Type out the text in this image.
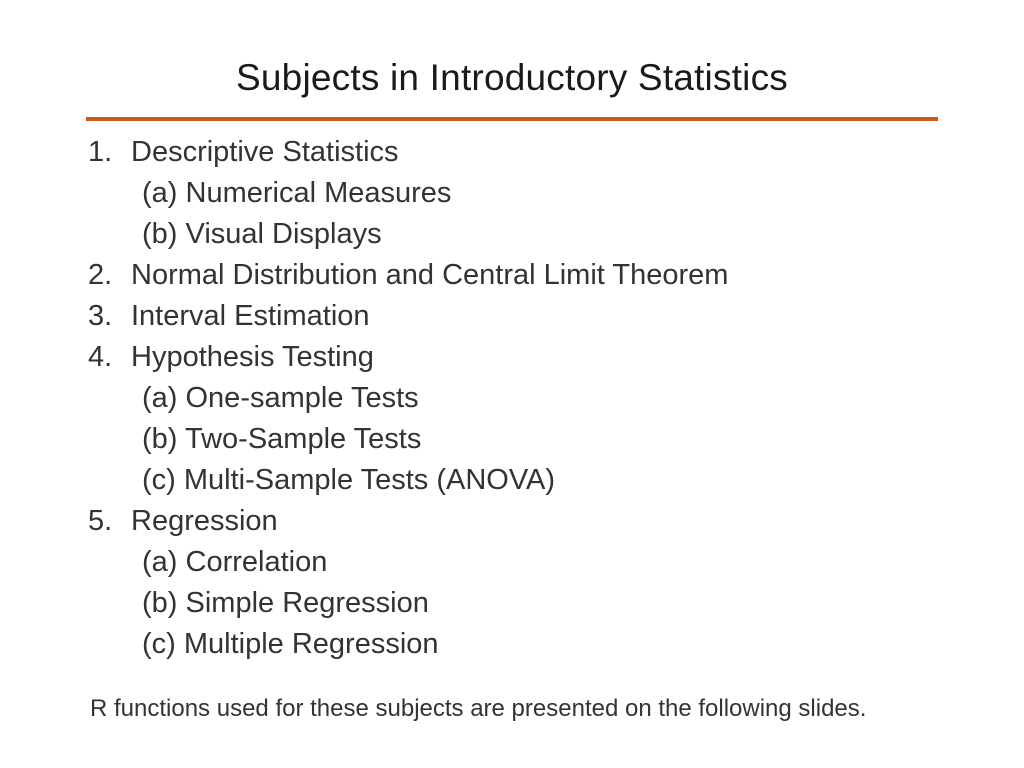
Subjects in Introductory Statistics
1. Descriptive Statistics
(a) Numerical Measures
(b) Visual Displays
2. Normal Distribution and Central Limit Theorem
3. Interval Estimation
4. Hypothesis Testing
(a) One-sample Tests
(b) Two-Sample Tests
(c) Multi-Sample Tests (ANOVA)
5. Regression
(a) Correlation
(b) Simple Regression
(c) Multiple Regression
R functions used for these subjects are presented on the following slides.
